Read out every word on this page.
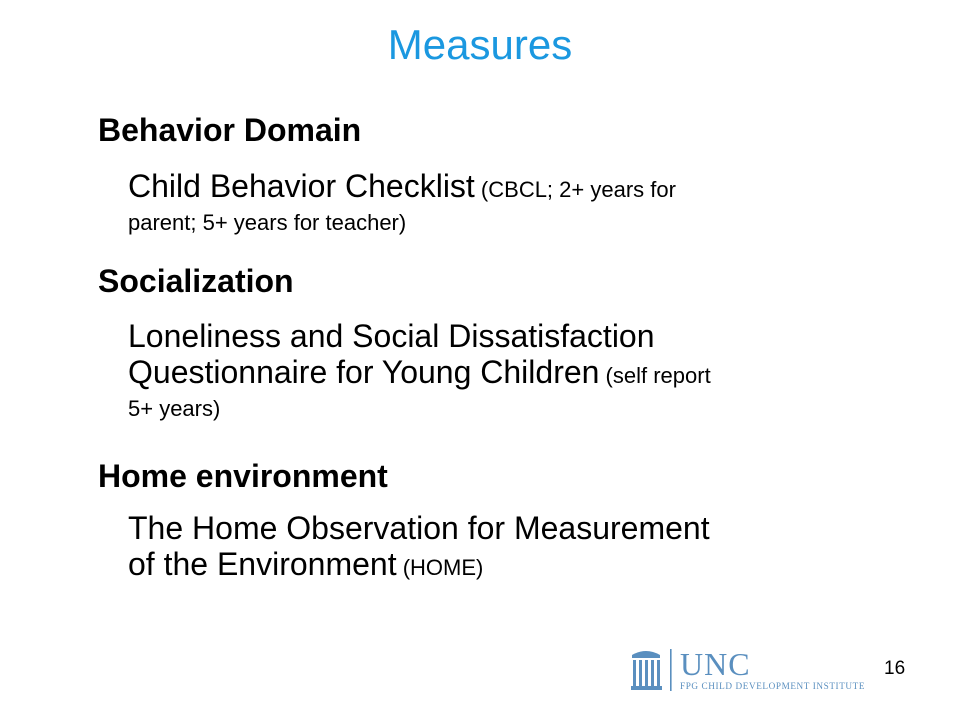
Measures
Behavior Domain
Child Behavior Checklist (CBCL; 2+ years for
parent; 5+ years for teacher)
Socialization
Loneliness and Social Dissatisfaction
Questionnaire for Young Children (self report
5+ years)
Home environment
The Home Observation for Measurement
of the Environment (HOME)
UNC
FPG CHILD DEVELOPMENT INSTITUTE
16
